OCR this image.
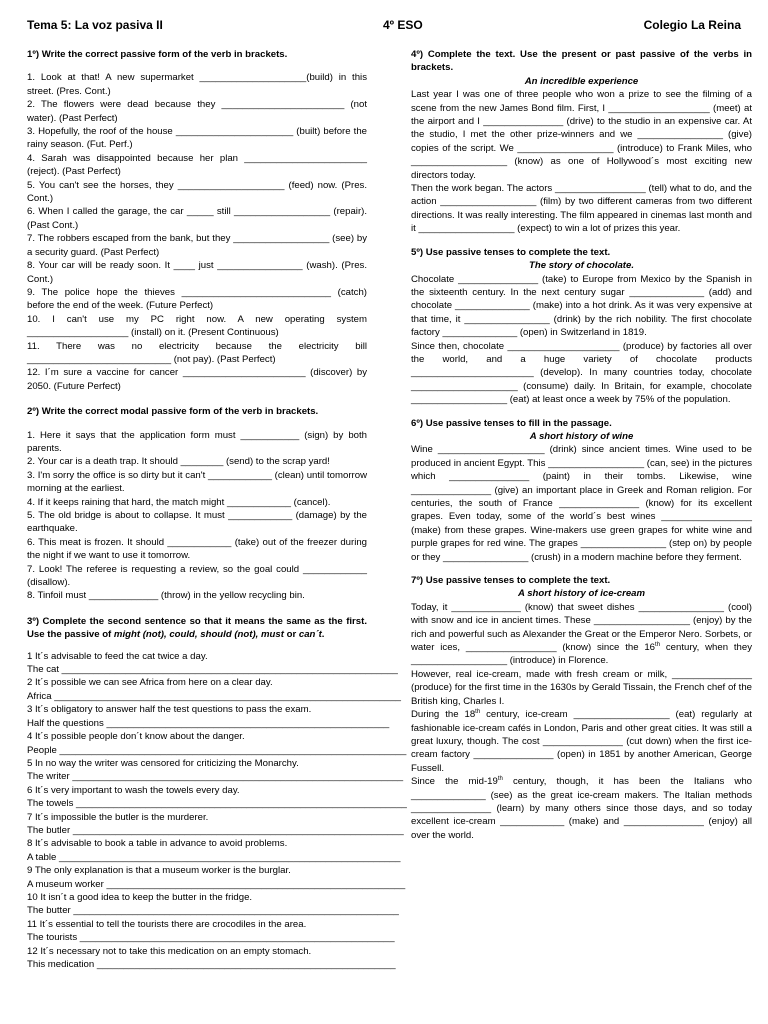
Tema 5: La voz pasiva II	4º ESO	Colegio La Reina

1º) Write the correct passive form of the verb in brackets.

1. Look at that! A new supermarket ____________________(build) in this street. (Pres. Cont.)

2. The flowers were dead because they _______________________ (not water). (Past Perfect)

3. Hopefully, the roof of the house ______________________ (built) before the rainy season. (Fut. Perf.)

4. Sarah was disappointed because her plan _______________________ (reject). (Past Perfect)

5. You can't see the horses, they ____________________ (feed) now. (Pres. Cont.)

6. When I called the garage, the car _____ still __________________ (repair). (Past Cont.)

7. The robbers escaped from the bank, but they __________________ (see) by a security guard. (Past Perfect)

8. Your car will be ready soon. It ____ just ________________ (wash). (Pres. Cont.)

9. The police hope the thieves ____________________________ (catch) before the end of the week. (Future Perfect)

10. I can't use my PC right now. A new operating system ___________________ (install) on it. (Present Continuous)

11. There was no electricity because the electricity bill ___________________________ (not pay). (Past Perfect)

12. I´m sure a vaccine for cancer _______________________ (discover) by 2050. (Future Perfect)

2º) Write the correct modal passive form of the verb in brackets.

1. Here it says that the application form must ___________ (sign) by both parents.

2. Your car is a death trap. It should ________ (send) to the scrap yard!

3. I'm sorry the office is so dirty but it can't ____________ (clean) until tomorrow morning at the earliest.

4. If it keeps raining that hard, the match might ____________ (cancel).

5. The old bridge is about to collapse. It must ____________ (damage) by the earthquake.

6. This meat is frozen. It should ____________ (take) out of the freezer during the night if we want to use it tomorrow.

7. Look! The referee is requesting a review, so the goal could ____________ (disallow).

8. Tinfoil must _____________ (throw) in the yellow recycling bin.

3º) Complete the second sentence so that it means the same as the first. Use the passive of might (not), could, should (not), must or can´t.

1 It´s advisable to feed the cat twice a day.

The cat _______________________________________________________________

2 It´s possible we can see Africa from here on a clear day.

Africa _________________________________________________________________

3 It´s obligatory to answer half the test questions to pass the exam.

Half the questions _____________________________________________________

4 It´s possible people don´t know about the danger.

People _________________________________________________________________

5 In no way the writer was censored for criticizing the Monarchy.

The writer ______________________________________________________________

6 It´s very important to wash the towels every day.

The towels ______________________________________________________________

7 It´s impossible the butler is the murderer.

The butler ______________________________________________________________

8 It´s advisable to book a table in advance to avoid problems.

A table ________________________________________________________________

9 The only explanation is that a museum worker is the burglar.

A museum worker ________________________________________________________

10 It isn´t a good idea to keep the butter in the fridge.

The butter _____________________________________________________________

11 It´s essential to tell the tourists there are crocodiles in the area.

The tourists ___________________________________________________________

12 It´s necessary not to take this medication on an empty stomach.

This medication ________________________________________________________

4º) Complete the text. Use the present or past passive of the verbs in brackets.

An incredible experience

Last year I was one of three people who won a prize to see the filming of a scene from the new James Bond film. First, I ___________________ (meet) at the airport and I _______________ (drive) to the studio in an expensive car. At the studio, I met the other prize-winners and we ________________ (give) copies of the script. We __________________ (introduce) to Frank Miles, who __________________ (know) as one of Hollywood´s most exciting new directors today.

Then the work began. The actors _________________ (tell) what to do, and the action __________________ (film) by two different cameras from two different directions. It was really interesting. The film appeared in cinemas last month and it __________________ (expect) to win a lot of prizes this year.

5º) Use passive tenses to complete the text.

The story of chocolate.

Chocolate _______________ (take) to Europe from Mexico by the Spanish in the sixteenth century. In the next century sugar ______________ (add) and chocolate ______________ (make) into a hot drink. As it was very expensive at that time, it ________________ (drink) by the rich nobility. The first chocolate factory ______________ (open) in Switzerland in 1819.

Since then, chocolate _____________________ (produce) by factories all over the world, and a huge variety of chocolate products _______________________ (develop). In many countries today, chocolate ____________________ (consume) daily. In Britain, for example, chocolate __________________ (eat) at least once a week by 75% of the population.

6º) Use passive tenses to fill in the passage.

A short history of wine

Wine ____________________ (drink) since ancient times. Wine used to be produced in ancient Egypt. This __________________ (can, see) in the pictures which _______________ (paint) in their tombs. Likewise, wine _______________ (give) an important place in Greek and Roman religion. For centuries, the south of France _______________ (know) for its excellent grapes. Even today, some of the world´s best wines _________________ (make) from these grapes. Wine-makers use green grapes for white wine and purple grapes for red wine. The grapes ________________ (step on) by people or they ________________ (crush) in a modern machine before they ferment.

7º) Use passive tenses to complete the text.

A short history of ice-cream

Today, it _____________ (know) that sweet dishes ________________ (cool) with snow and ice in ancient times. These __________________ (enjoy) by the rich and powerful such as Alexander the Great or the Emperor Nero. Sorbets, or water ices, _________________ (know) since the 16th century, when they __________________ (introduce) in Florence.

However, real ice-cream, made with fresh cream or milk, _______________ (produce) for the first time in the 1630s by Gerald Tissain, the French chef of the British king, Charles I.

During the 18th century, ice-cream __________________ (eat) regularly at fashionable ice-cream cafés in London, Paris and other great cities. It was still a great luxury, though. The cost _______________ (cut down) when the first ice-cream factory _______________ (open) in 1851 by another American, George Fussell.

Since the mid-19th century, though, it has been the Italians who ______________ (see) as the great ice-cream makers. The Italian methods _______________ (learn) by many others since those days, and so today excellent ice-cream ____________ (make) and _______________ (enjoy) all over the world.
